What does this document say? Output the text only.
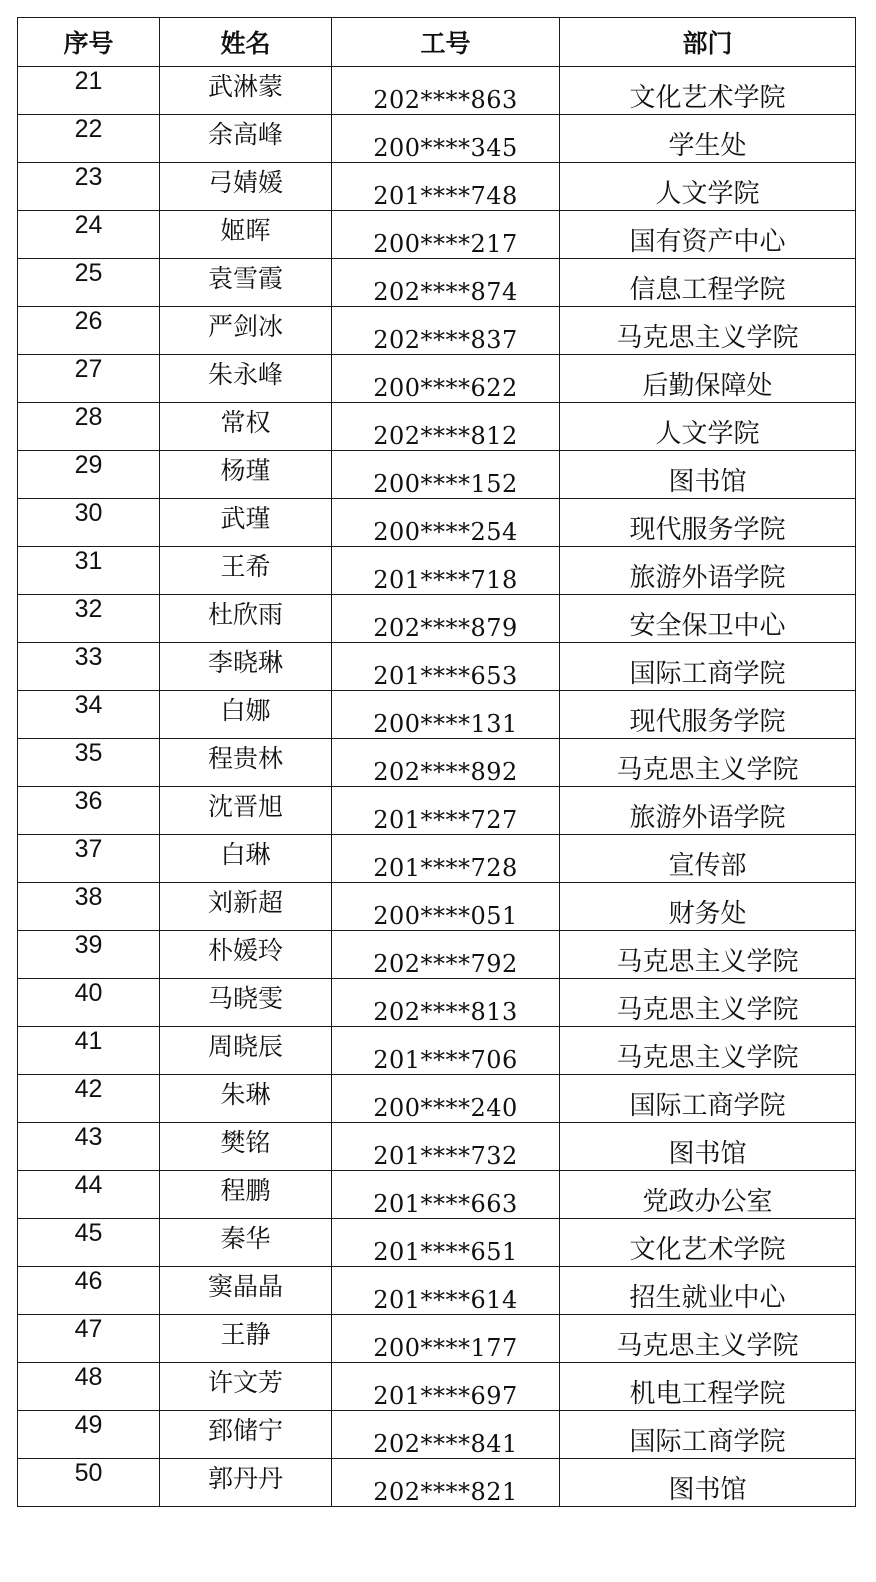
序号	姓名	工号	部门
21	武淋蒙	202****863	文化艺术学院
22	余高峰	200****345	学生处
23	弓婧媛	201****748	人文学院
24	姬晖	200****217	国有资产中心
25	袁雪霞	202****874	信息工程学院
26	严剑冰	202****837	马克思主义学院
27	朱永峰	200****622	后勤保障处
28	常权	202****812	人文学院
29	杨瑾	200****152	图书馆
30	武瑾	200****254	现代服务学院
31	王希	201****718	旅游外语学院
32	杜欣雨	202****879	安全保卫中心
33	李晓琳	201****653	国际工商学院
34	白娜	200****131	现代服务学院
35	程贵林	202****892	马克思主义学院
36	沈晋旭	201****727	旅游外语学院
37	白琳	201****728	宣传部
38	刘新超	200****051	财务处
39	朴媛玲	202****792	马克思主义学院
40	马晓雯	202****813	马克思主义学院
41	周晓辰	201****706	马克思主义学院
42	朱琳	200****240	国际工商学院
43	樊铭	201****732	图书馆
44	程鹏	201****663	党政办公室
45	秦华	201****651	文化艺术学院
46	窦晶晶	201****614	招生就业中心
47	王静	200****177	马克思主义学院
48	许文芳	201****697	机电工程学院
49	郅储宁	202****841	国际工商学院
50	郭丹丹	202****821	图书馆
